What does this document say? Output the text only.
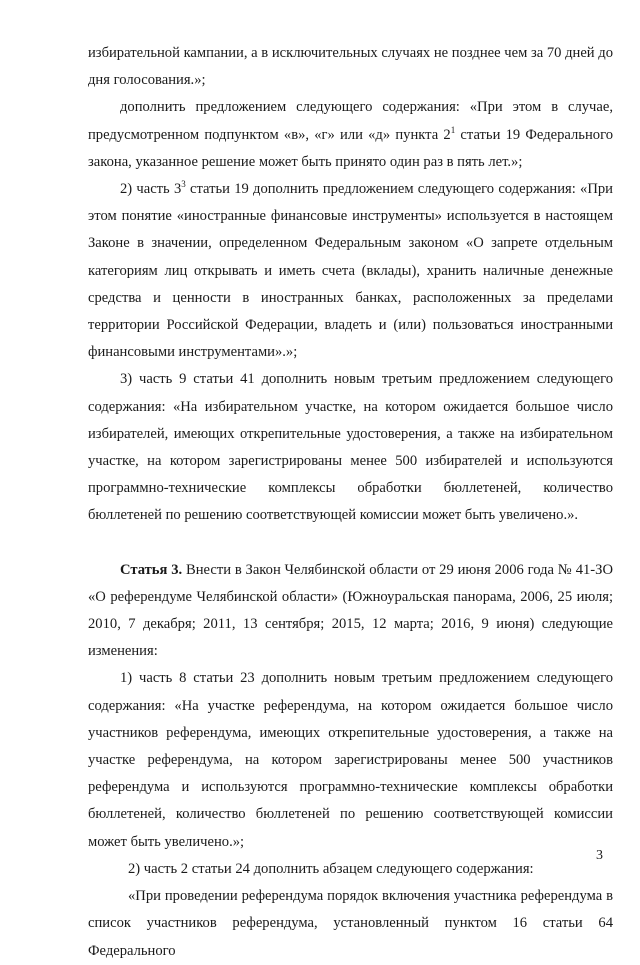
избирательной кампании, а в исключительных случаях не позднее чем за 70 дней до дня голосования.»;

дополнить предложением следующего содержания: «При этом в случае, предусмотренном подпунктом «в», «г» или «д» пункта $2^1$ статьи 19 Федерального закона, указанное решение может быть принято один раз в пять лет.»;

2) часть $3^3$ статьи 19 дополнить предложением следующего содержания: «При этом понятие «иностранные финансовые инструменты» используется в настоящем Законе в значении, определенном Федеральным законом «О запрете отдельным категориям лиц открывать и иметь счета (вклады), хранить наличные денежные средства и ценности в иностранных банках, расположенных за пределами территории Российской Федерации, владеть и (или) пользоваться иностранными финансовыми инструментами».»;

3) часть 9 статьи 41 дополнить новым третьим предложением следующего содержания: «На избирательном участке, на котором ожидается большое число избирателей, имеющих открепительные удостоверения, а также на избирательном участке, на котором зарегистрированы менее 500 избирателей и используются программно-технические комплексы обработки бюллетеней, количество бюллетеней по решению соответствующей комиссии может быть увеличено.».

Статья 3. Внести в Закон Челябинской области от 29 июня 2006 года № 41-ЗО «О референдуме Челябинской области» (Южноуральская панорама, 2006, 25 июля; 2010, 7 декабря; 2011, 13 сентября; 2015, 12 марта; 2016, 9 июня) следующие изменения:

1) часть 8 статьи 23 дополнить новым третьим предложением следующего содержания: «На участке референдума, на котором ожидается большое число участников референдума, имеющих открепительные удостоверения, а также на участке референдума, на котором зарегистрированы менее 500 участников референдума и используются программно-технические комплексы обработки бюллетеней, количество бюллетеней по решению соответствующей комиссии может быть увеличено.»;

2) часть 2 статьи 24 дополнить абзацем следующего содержания:

«При проведении референдума порядок включения участника референдума в список участников референдума, установленный пунктом 16 статьи 64 Федерального

3
